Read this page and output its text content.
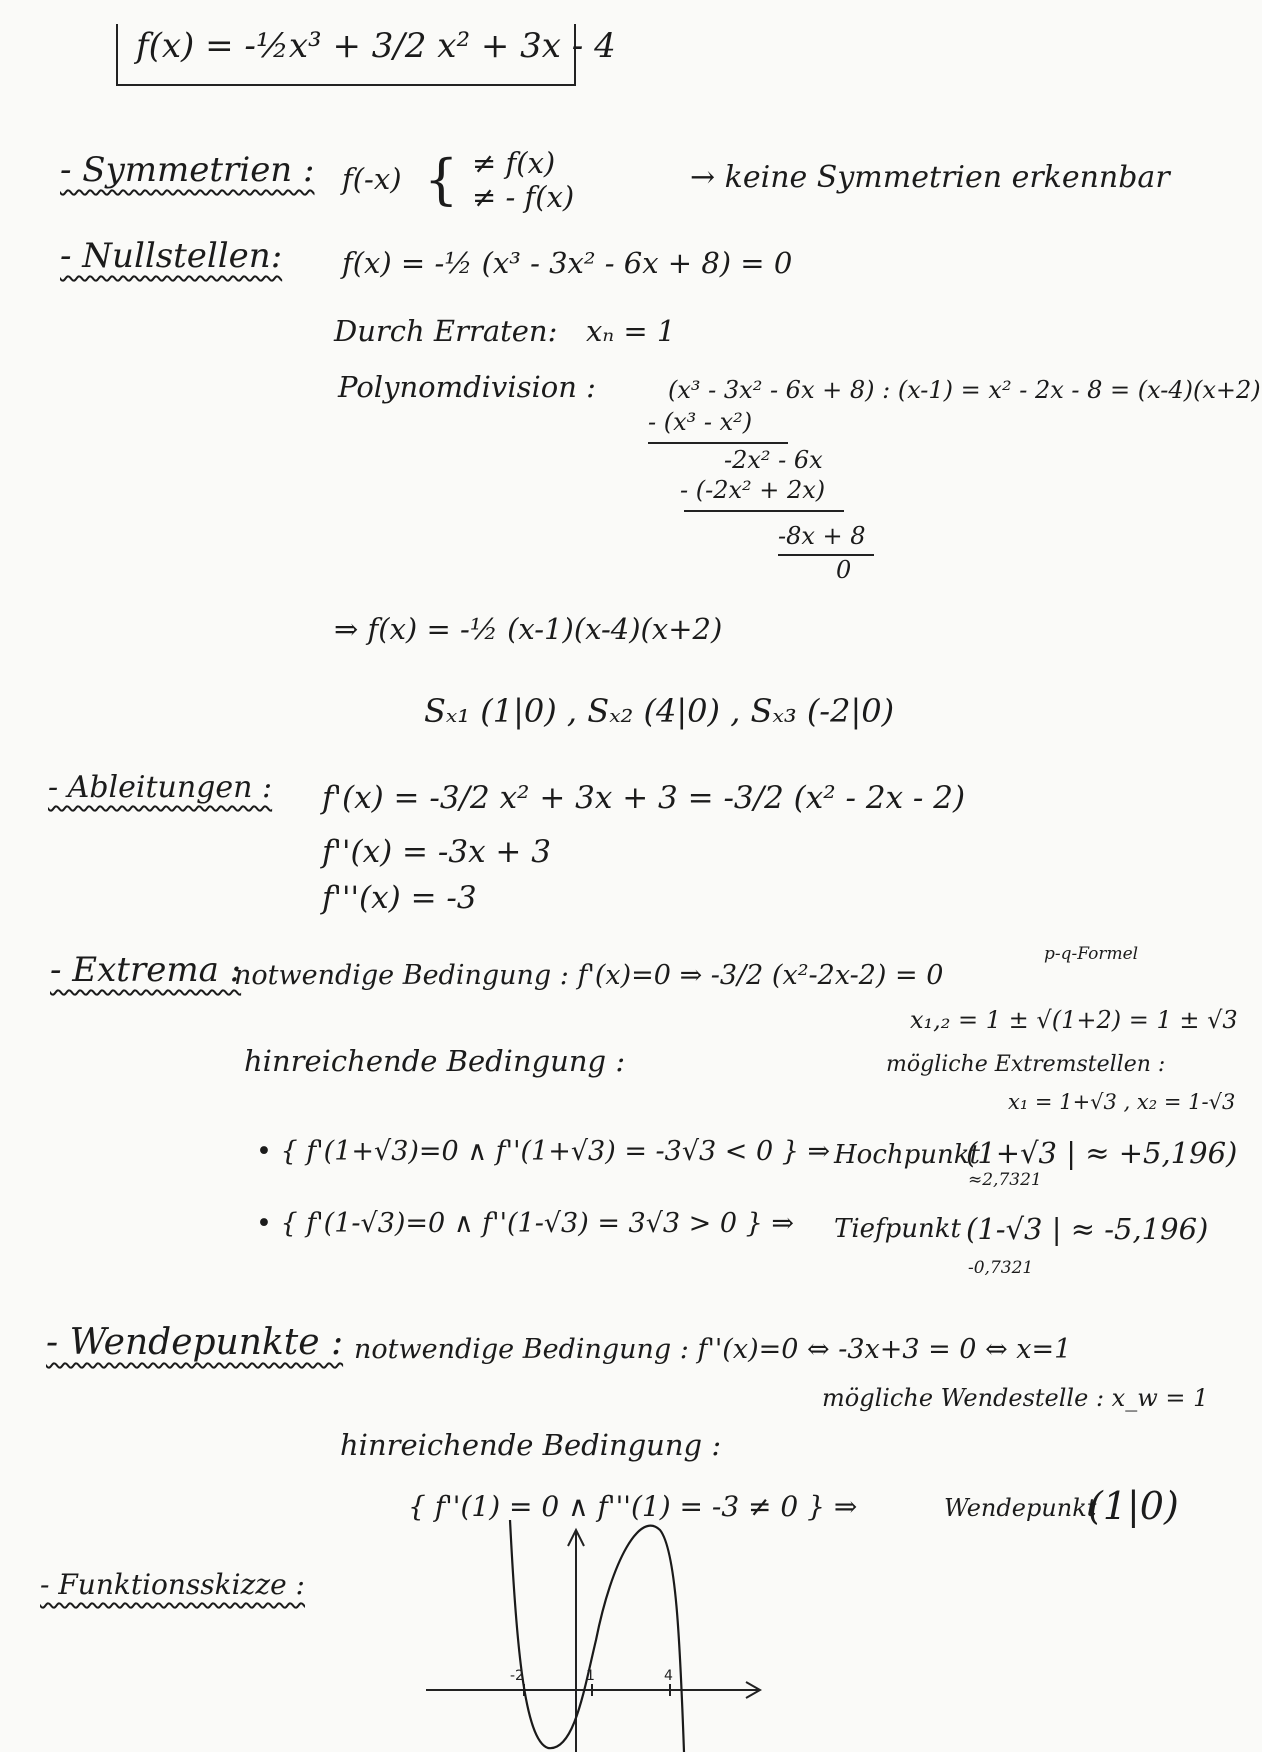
f(x) = -½x³ + 3/2 x² + 3x - 4
- Symmetrien : f(-x) { ≠ f(x)
≠ - f(x)
→ keine Symmetrien erkennbar
- Nullstellen: f(x) = -½ (x³ - 3x² - 6x + 8) = 0
Durch Erraten: xₙ = 1
Polynomdivision :	(x³ - 3x² - 6x + 8) : (x-1) = x² - 2x - 8 = (x-4)(x+2)
- (x³ - x²)
-2x² - 6x
- (-2x² + 2x)
-8x + 8
0
⇒ f(x) = -½ (x-1)(x-4)(x+2)
Sₓ₁ (1|0) , Sₓ₂ (4|0) , Sₓ₃ (-2|0)
- Ableitungen : f'(x) = -3/2 x² + 3x + 3 = -3/2 (x² - 2x - 2)
f''(x) = -3x + 3
f'''(x) = -3
- Extrema :
notwendige Bedingung : f'(x)=0 ⇒ -3/2 (x²-2x-2) = 0
p-q-Formel
x₁,₂ = 1 ± √(1+2) = 1 ± √3
mögliche Extremstellen :
x₁ = 1+√3 , x₂ = 1-√3
hinreichende Bedingung :
• { f'(1+√3)=0 ∧ f''(1+√3) = -3√3 < 0 } ⇒ Hochpunkt
(1+√3 | ≈ +5,196)
≈2,7321
• { f'(1-√3)=0 ∧ f''(1-√3) = 3√3 > 0 } ⇒ Tiefpunkt (1-√3 | ≈ -5,196)
-0,7321
- Wendepunkte : notwendige Bedingung : f''(x)=0 ⇔ -3x+3 = 0 ⇔ x=1
mögliche Wendestelle : x_w = 1
hinreichende Bedingung :
{ f''(1) = 0 ∧ f'''(1) = -3 ≠ 0 } ⇒	Wendepunkt
(1|0)
- Funktionsskizze :
-2	1	4
